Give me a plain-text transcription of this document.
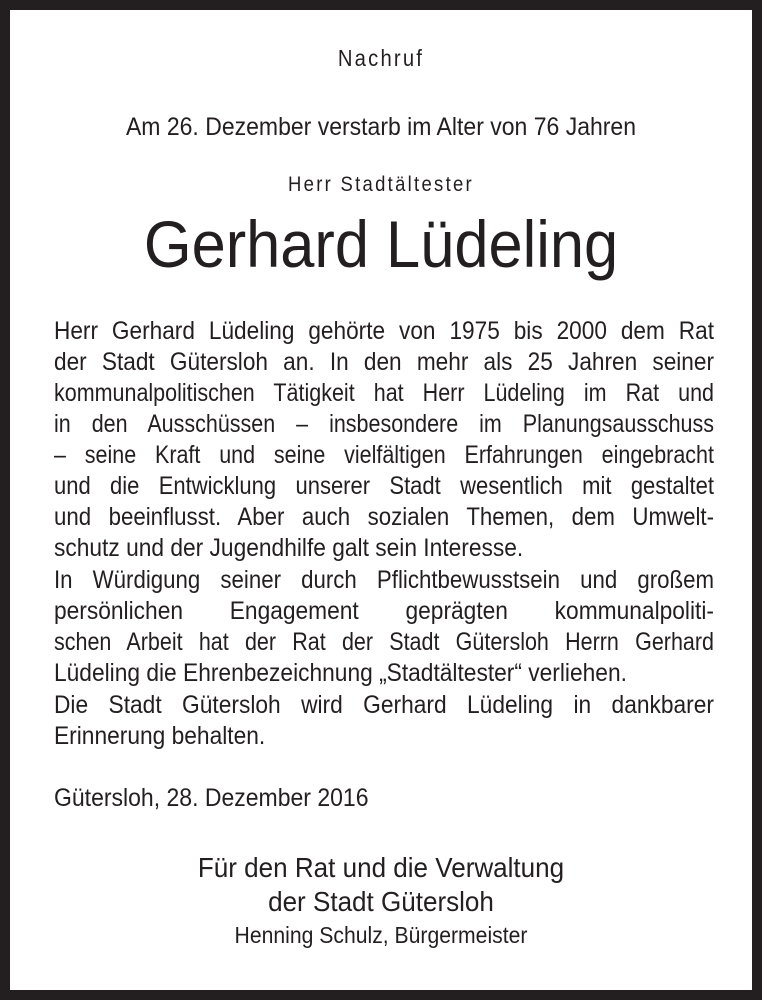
Nachruf
Am 26. Dezember verstarb im Alter von 76 Jahren
Herr Stadtältester
Gerhard Lüdeling
Herr Gerhard Lüdeling gehörte von 1975 bis 2000 dem Rat
der Stadt Gütersloh an. In den mehr als 25 Jahren seiner
kommunalpolitischen Tätigkeit hat Herr Lüdeling im Rat und
in den Ausschüssen – insbesondere im Planungsausschuss
– seine Kraft und seine vielfältigen Erfahrungen eingebracht
und die Entwicklung unserer Stadt wesentlich mit gestaltet
und beeinflusst. Aber auch sozialen Themen, dem Umwelt-
schutz und der Jugendhilfe galt sein Interesse.
In Würdigung seiner durch Pflichtbewusstsein und großem
persönlichen Engagement geprägten kommunalpoliti-
schen Arbeit hat der Rat der Stadt Gütersloh Herrn Gerhard
Lüdeling die Ehrenbezeichnung „Stadtältester“ verliehen.
Die Stadt Gütersloh wird Gerhard Lüdeling in dankbarer
Erinnerung behalten.
Gütersloh, 28. Dezember 2016
Für den Rat und die Verwaltung
der Stadt Gütersloh
Henning Schulz, Bürgermeister
